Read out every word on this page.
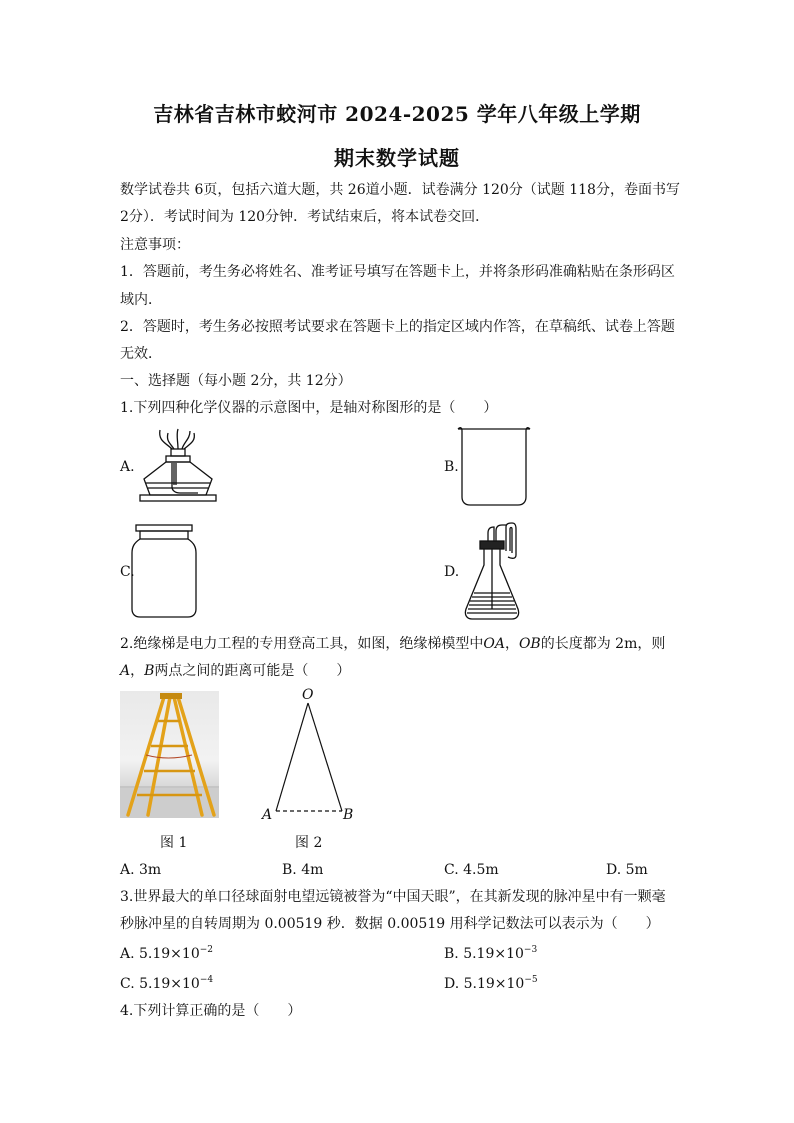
吉林省吉林市蛟河市 2024-2025 学年八年级上学期
期末数学试题
数学试卷共 6页，包括六道大题，共 26道小题．试卷满分 120分（试题 118分，卷面书写
2分）．考试时间为 120分钟．考试结束后，将本试卷交回．
注意事项：
1．答题前，考生务必将姓名、准考证号填写在答题卡上，并将条形码准确粘贴在条形码区
域内．
2．答题时，考生务必按照考试要求在答题卡上的指定区域内作答，在草稿纸、试卷上答题
无效．
一、选择题（每小题 2分，共 12分）
1.下列四种化学仪器的示意图中，是轴对称图形的是（　　）
A.	B.
C.	D.
2.绝缘梯是电力工程的专用登高工具，如图，绝缘梯模型中OA，OB的长度都为 2m，则
A，B两点之间的距离可能是（　　）
图 1
O
A	B
图 2
A. 3m	B. 4m	C. 4.5m	D. 5m
3.世界最大的单口径球面射电望远镜被誉为“中国天眼”，在其新发现的脉冲星中有一颗毫
秒脉冲星的自转周期为 0.00519 秒．数据 0.00519 用科学记数法可以表示为（　　）
A. $5.19\times 10^{-2}$	B. $5.19\times 10^{-3}$
C. $5.19\times 10^{-4}$	D. $5.19\times 10^{-5}$
4.下列计算正确的是（　　）
